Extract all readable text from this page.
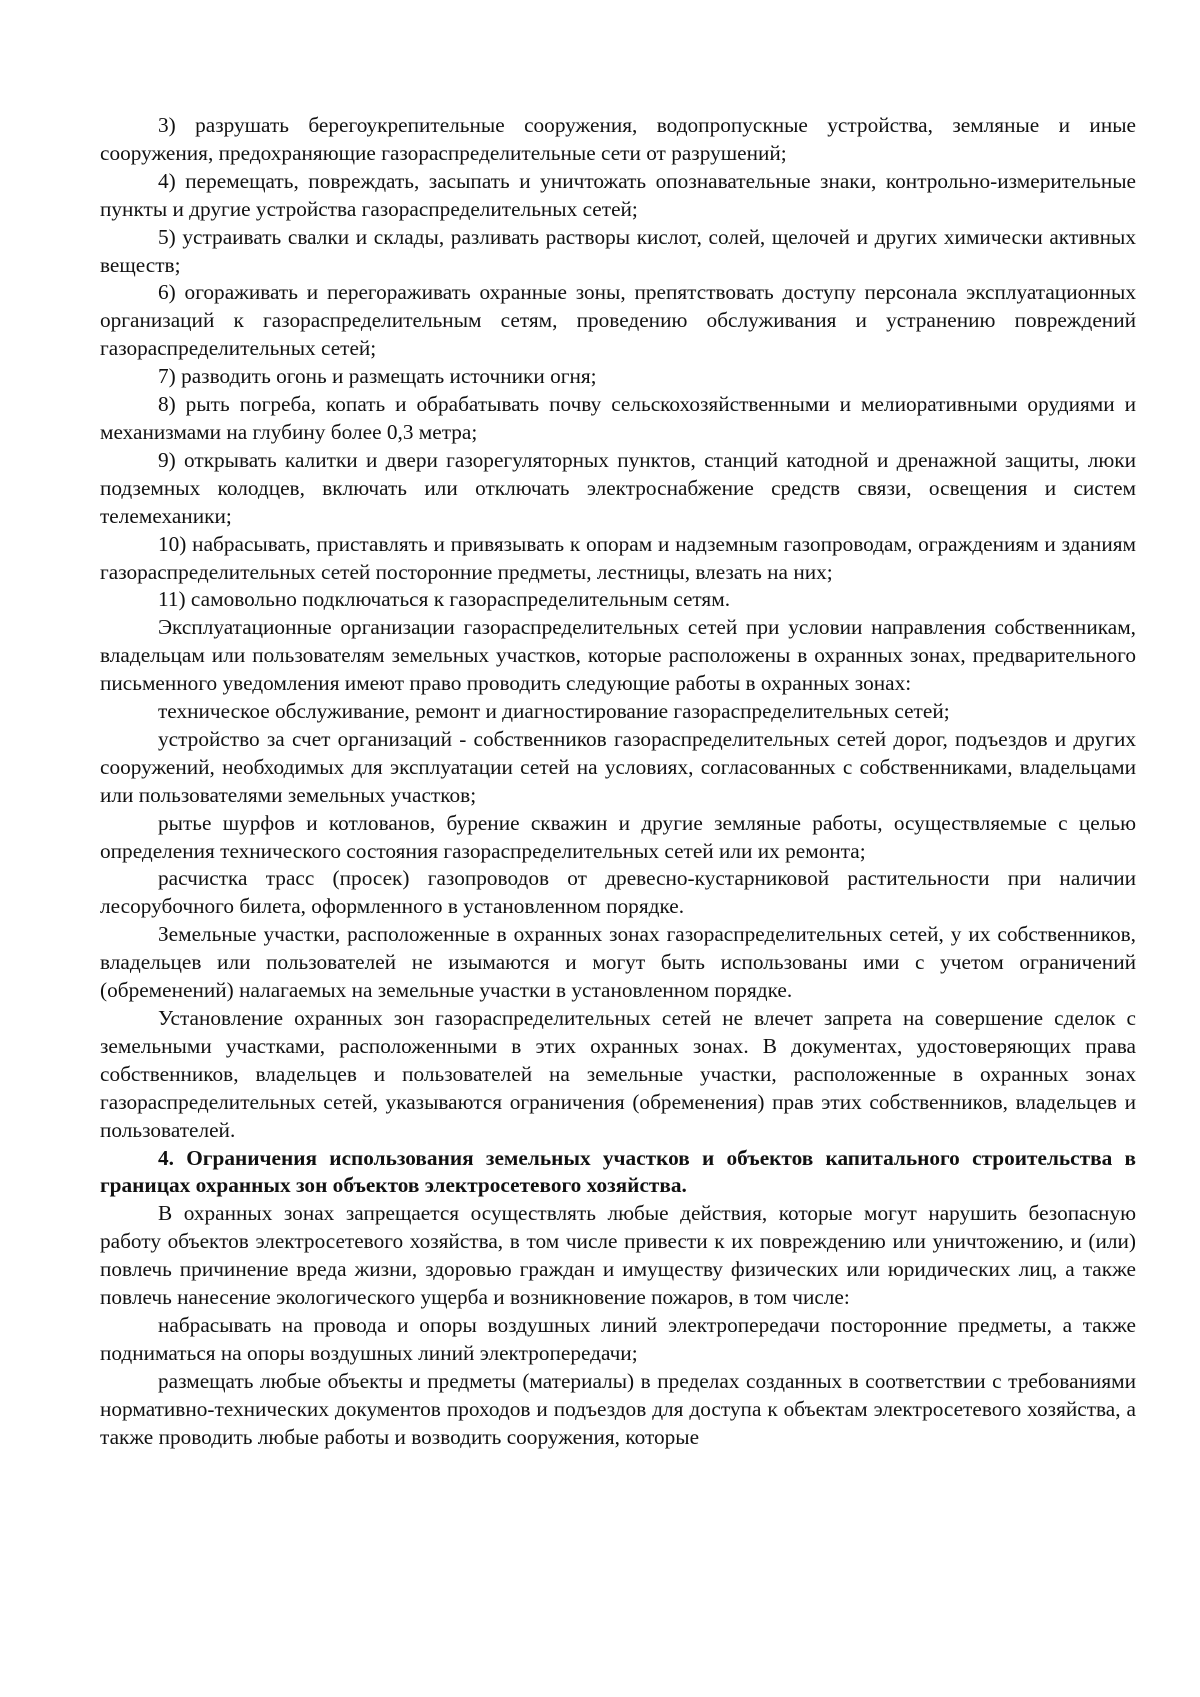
3) разрушать берегоукрепительные сооружения, водопропускные устройства, земляные и иные сооружения, предохраняющие газораспределительные сети от разрушений;

4) перемещать, повреждать, засыпать и уничтожать опознавательные знаки, контрольно-измерительные пункты и другие устройства газораспределительных сетей;

5) устраивать свалки и склады, разливать растворы кислот, солей, щелочей и других химически активных веществ;

6) огораживать и перегораживать охранные зоны, препятствовать доступу персонала эксплуатационных организаций к газораспределительным сетям, проведению обслуживания и устранению повреждений газораспределительных сетей;

7) разводить огонь и размещать источники огня;

8) рыть погреба, копать и обрабатывать почву сельскохозяйственными и мелиоративными орудиями и механизмами на глубину более 0,3 метра;

9) открывать калитки и двери газорегуляторных пунктов, станций катодной и дренажной защиты, люки подземных колодцев, включать или отключать электроснабжение средств связи, освещения и систем телемеханики;

10) набрасывать, приставлять и привязывать к опорам и надземным газопроводам, ограждениям и зданиям газораспределительных сетей посторонние предметы, лестницы, влезать на них;

11) самовольно подключаться к газораспределительным сетям.

Эксплуатационные организации газораспределительных сетей при условии направления собственникам, владельцам или пользователям земельных участков, которые расположены в охранных зонах, предварительного письменного уведомления имеют право проводить следующие работы в охранных зонах:

техническое обслуживание, ремонт и диагностирование газораспределительных сетей;

устройство за счет организаций - собственников газораспределительных сетей дорог, подъездов и других сооружений, необходимых для эксплуатации сетей на условиях, согласованных с собственниками, владельцами или пользователями земельных участков;

рытье шурфов и котлованов, бурение скважин и другие земляные работы, осуществляемые с целью определения технического состояния газораспределительных сетей или их ремонта;

расчистка трасс (просек) газопроводов от древесно-кустарниковой растительности при наличии лесорубочного билета, оформленного в установленном порядке.

Земельные участки, расположенные в охранных зонах газораспределительных сетей, у их собственников, владельцев или пользователей не изымаются и могут быть использованы ими с учетом ограничений (обременений) налагаемых на земельные участки в установленном порядке.

Установление охранных зон газораспределительных сетей не влечет запрета на совершение сделок с земельными участками, расположенными в этих охранных зонах. В документах, удостоверяющих права собственников, владельцев и пользователей на земельные участки, расположенные в охранных зонах газораспределительных сетей, указываются ограничения (обременения) прав этих собственников, владельцев и пользователей.

4. Ограничения использования земельных участков и объектов капитального строительства в границах охранных зон объектов электросетевого хозяйства.

В охранных зонах запрещается осуществлять любые действия, которые могут нарушить безопасную работу объектов электросетевого хозяйства, в том числе привести к их повреждению или уничтожению, и (или) повлечь причинение вреда жизни, здоровью граждан и имуществу физических или юридических лиц, а также повлечь нанесение экологического ущерба и возникновение пожаров, в том числе:

набрасывать на провода и опоры воздушных линий электропередачи посторонние предметы, а также подниматься на опоры воздушных линий электропередачи;

размещать любые объекты и предметы (материалы) в пределах созданных в соответствии с требованиями нормативно-технических документов проходов и подъездов для доступа к объектам электросетевого хозяйства, а также проводить любые работы и возводить сооружения, которые
